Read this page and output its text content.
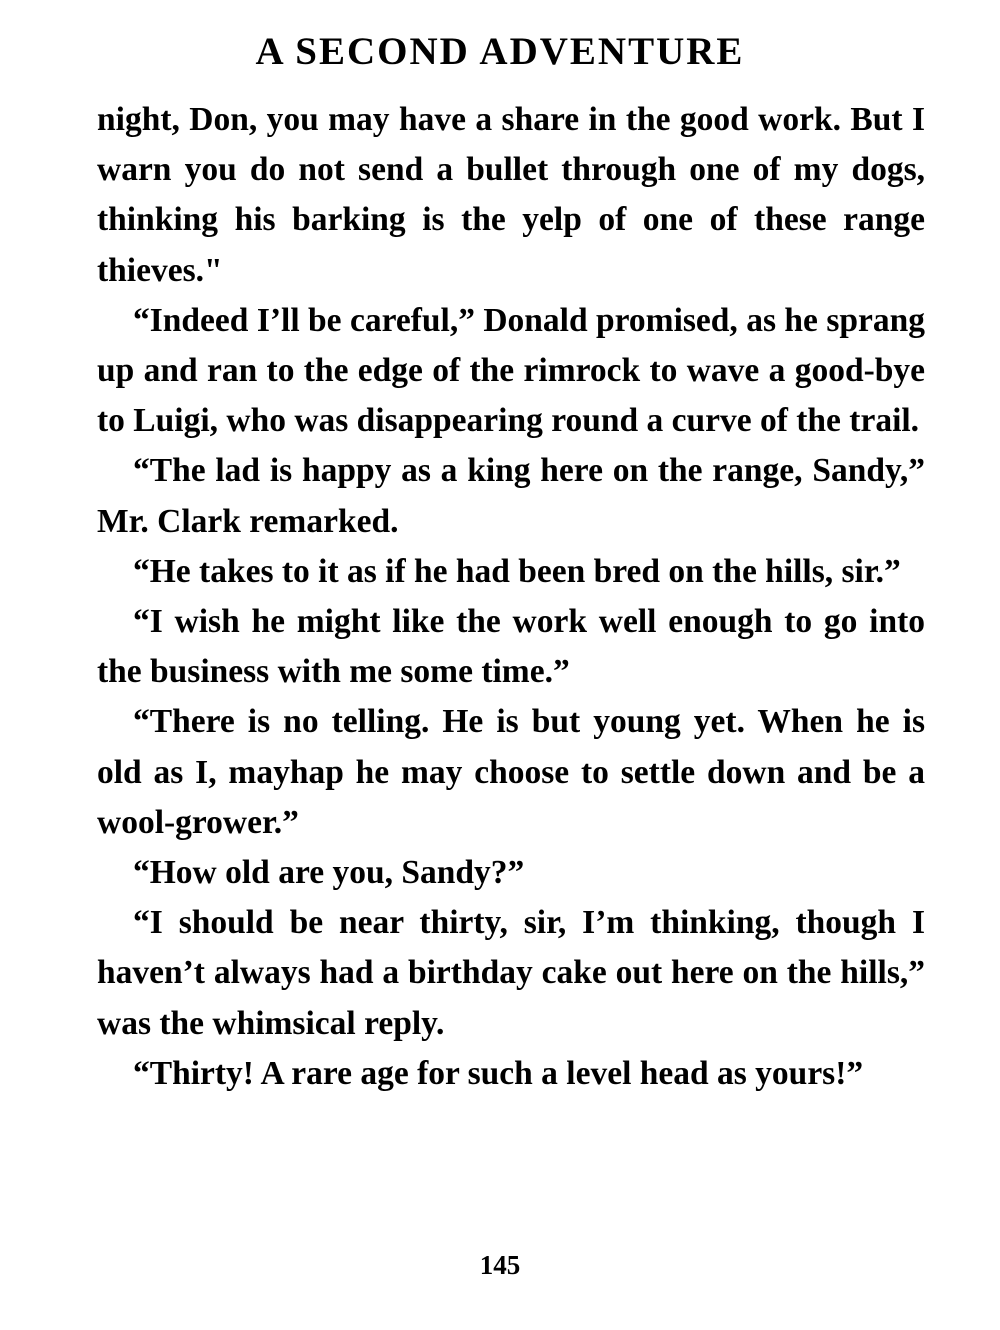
A SECOND ADVENTURE

night, Don, you may have a share in the good work. But I warn you do not send a bullet through one of my dogs, thinking his barking is the yelp of one of these range thieves."

“Indeed I’ll be careful,” Donald promised, as he sprang up and ran to the edge of the rimrock to wave a good-bye to Luigi, who was disappearing round a curve of the trail.

“The lad is happy as a king here on the range, Sandy,” Mr. Clark remarked.

“He takes to it as if he had been bred on the hills, sir.”

“I wish he might like the work well enough to go into the business with me some time.”

“There is no telling. He is but young yet. When he is old as I, mayhap he may choose to settle down and be a wool-grower.”

“How old are you, Sandy?”

“I should be near thirty, sir, I’m thinking, though I haven’t always had a birthday cake out here on the hills,” was the whimsical reply.

“Thirty! A rare age for such a level head as yours!”

145
